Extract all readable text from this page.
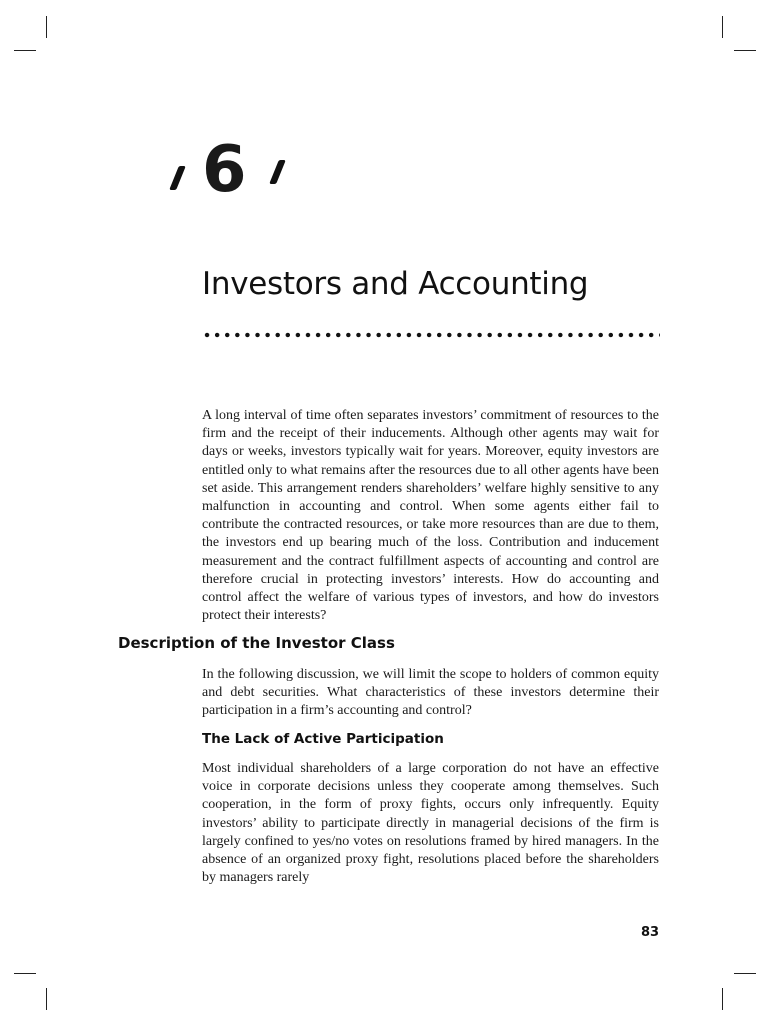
6
Investors and Accounting

A long interval of time often separates investors’ commitment of resources to the firm and the receipt of their inducements. Although other agents may wait for days or weeks, investors typically wait for years. Moreover, equity investors are entitled only to what remains after the resources due to all other agents have been set aside. This arrangement renders shareholders’ welfare highly sensitive to any malfunction in accounting and control. When some agents either fail to contribute the contracted resources, or take more resources than are due to them, the investors end up bearing much of the loss. Contribution and inducement measurement and the contract fulfillment aspects of accounting and control are therefore crucial in protecting investors’ interests. How do accounting and control affect the welfare of various types of investors, and how do investors protect their interests?

Description of the Investor Class

In the following discussion, we will limit the scope to holders of common equity and debt securities. What characteristics of these investors determine their participation in a firm’s accounting and control?

The Lack of Active Participation

Most individual shareholders of a large corporation do not have an effective voice in corporate decisions unless they cooperate among themselves. Such cooperation, in the form of proxy fights, occurs only infrequently. Equity investors’ ability to participate directly in managerial decisions of the firm is largely confined to yes/no votes on resolutions framed by hired managers. In the absence of an organized proxy fight, resolutions placed before the shareholders by managers rarely

83
